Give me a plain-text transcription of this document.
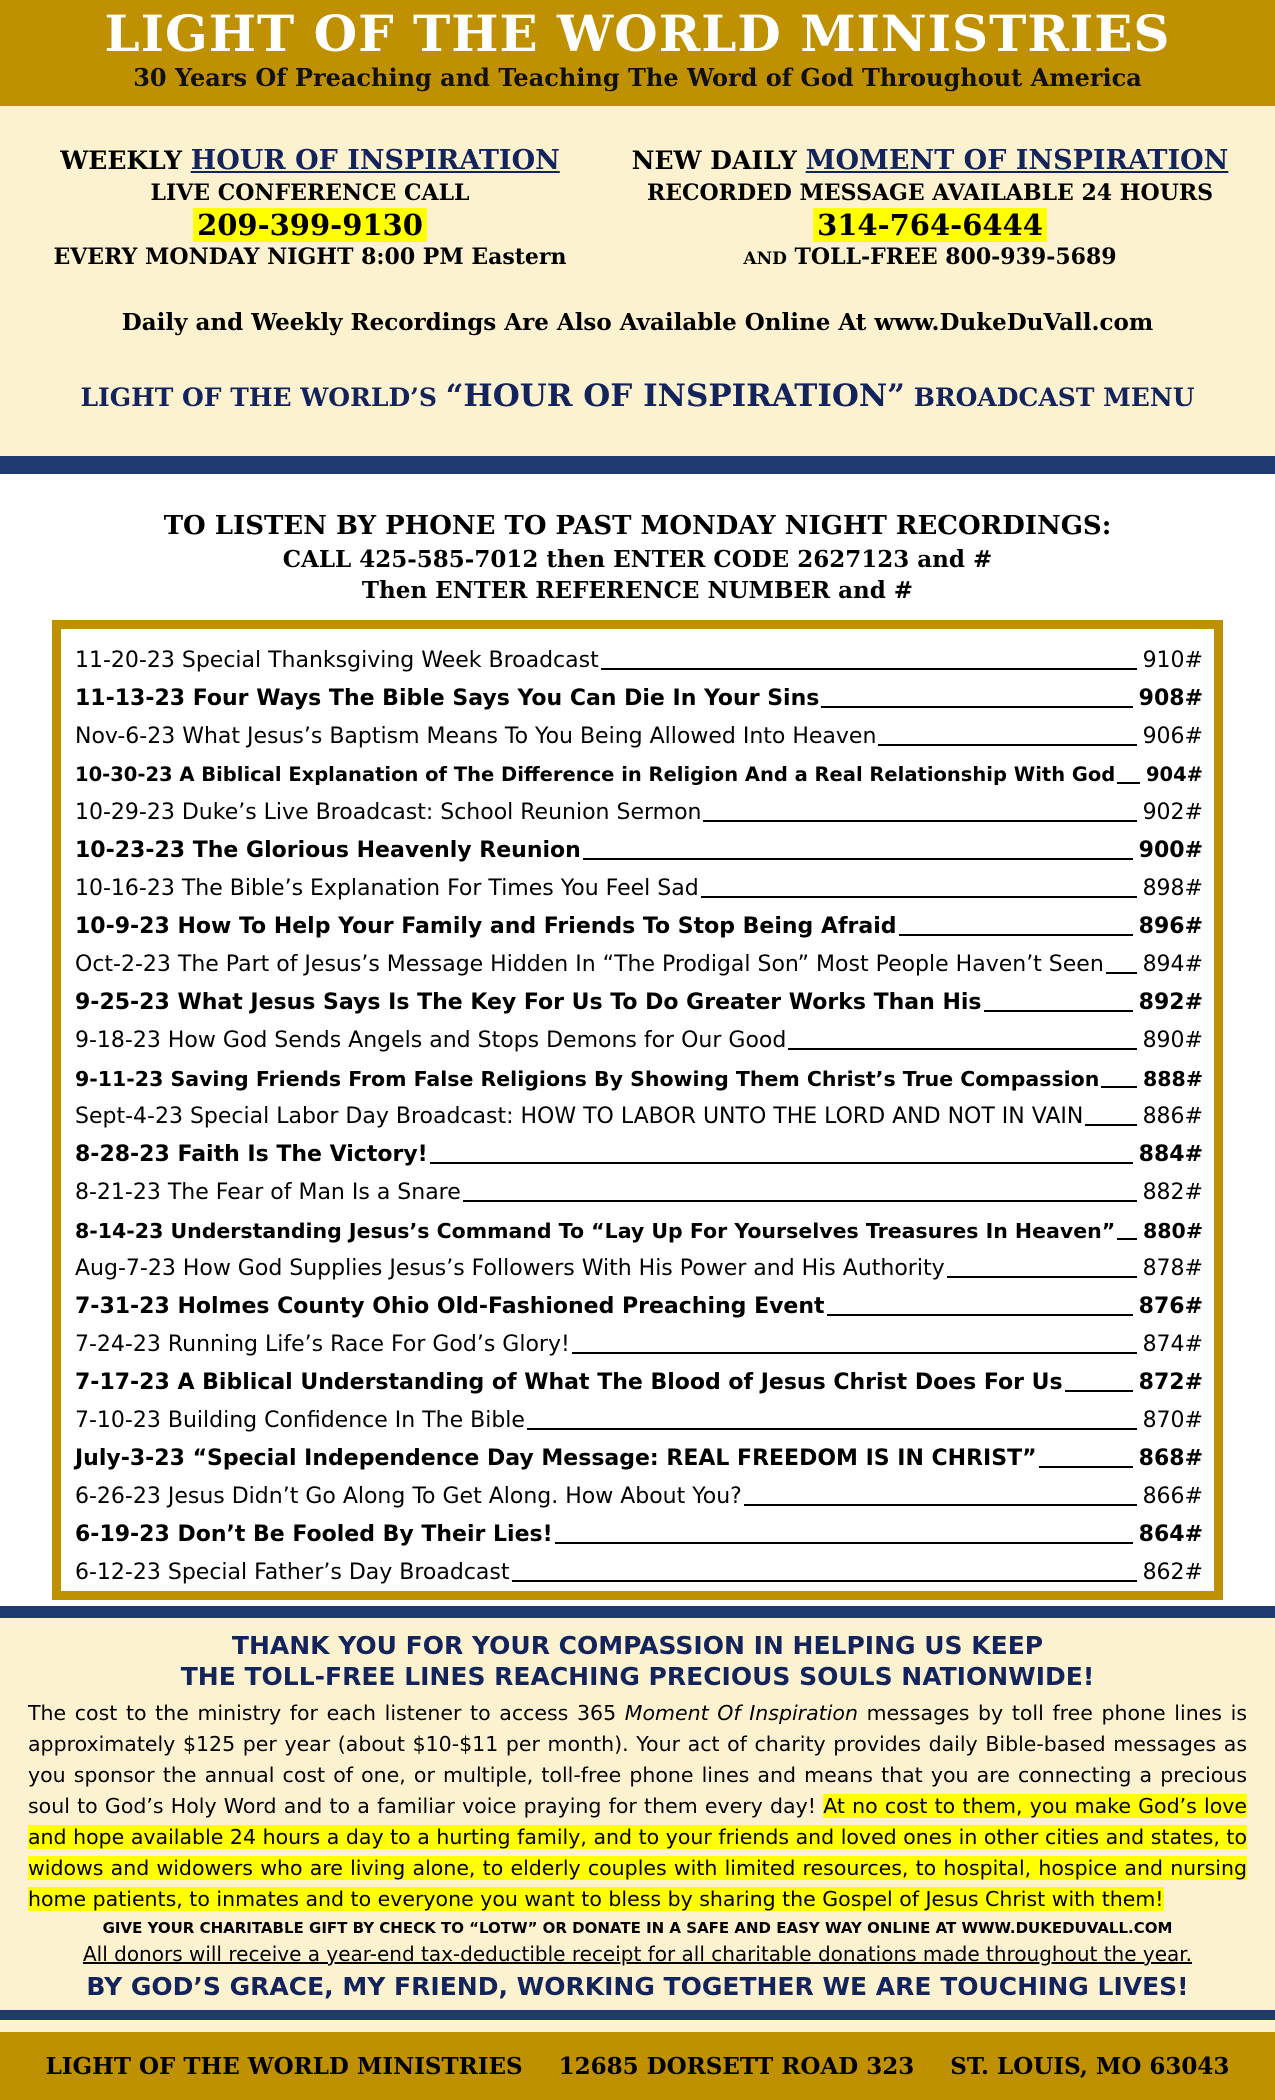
LIGHT OF THE WORLD MINISTRIES
30 Years Of Preaching and Teaching The Word of God Throughout America
WEEKLY HOUR OF INSPIRATION
LIVE CONFERENCE CALL
209-399-9130
EVERY MONDAY NIGHT 8:00 PM Eastern
NEW DAILY MOMENT OF INSPIRATION
RECORDED MESSAGE AVAILABLE 24 HOURS
314-764-6444
AND TOLL-FREE 800-939-5689
Daily and Weekly Recordings Are Also Available Online At www.DukeDuVall.com
LIGHT OF THE WORLD’S “HOUR OF INSPIRATION” BROADCAST MENU
TO LISTEN BY PHONE TO PAST MONDAY NIGHT RECORDINGS:
CALL 425-585-7012 then ENTER CODE 2627123 and #
Then ENTER REFERENCE NUMBER and #
11-20-23 Special Thanksgiving Week Broadcast	910#
11-13-23 Four Ways The Bible Says You Can Die In Your Sins	908#
Nov-6-23 What Jesus’s Baptism Means To You Being Allowed Into Heaven	906#
10-30-23 A Biblical Explanation of The Difference in Religion And a Real Relationship With God 904#
10-29-23 Duke’s Live Broadcast: School Reunion Sermon	902#
10-23-23 The Glorious Heavenly Reunion	900#
10-16-23 The Bible’s Explanation For Times You Feel Sad	898#
10-9-23 How To Help Your Family and Friends To Stop Being Afraid	896#
Oct-2-23 The Part of Jesus’s Message Hidden In “The Prodigal Son” Most People Haven’t Seen 894#
9-25-23 What Jesus Says Is The Key For Us To Do Greater Works Than His	892#
9-18-23 How God Sends Angels and Stops Demons for Our Good	890#
9-11-23 Saving Friends From False Religions By Showing Them Christ’s True Compassion 888#
Sept-4-23 Special Labor Day Broadcast: HOW TO LABOR UNTO THE LORD AND NOT IN VAIN	886#
8-28-23 Faith Is The Victory!	884#
8-21-23 The Fear of Man Is a Snare	882#
8-14-23 Understanding Jesus’s Command To “Lay Up For Yourselves Treasures In Heaven” 880#
Aug-7-23 How God Supplies Jesus’s Followers With His Power and His Authority	878#
7-31-23 Holmes County Ohio Old-Fashioned Preaching Event	876#
7-24-23 Running Life’s Race For God’s Glory!	874#
7-17-23 A Biblical Understanding of What The Blood of Jesus Christ Does For Us	872#
7-10-23 Building Confidence In The Bible	870#
July-3-23 “Special Independence Day Message: REAL FREEDOM IS IN CHRIST”	868#
6-26-23 Jesus Didn’t Go Along To Get Along. How About You?	866#
6-19-23 Don’t Be Fooled By Their Lies!	864#
6-12-23 Special Father’s Day Broadcast	862#
THANK YOU FOR YOUR COMPASSION IN HELPING US KEEP
THE TOLL-FREE LINES REACHING PRECIOUS SOULS NATIONWIDE!
The cost to the ministry for each listener to access 365 Moment Of Inspiration messages by toll free phone lines is approximately $125 per year (about $10-$11 per month). Your act of charity provides daily Bible-based messages as you sponsor the annual cost of one, or multiple, toll-free phone lines and means that you are connecting a precious soul to God’s Holy Word and to a familiar voice praying for them every day! At no cost to them, you make God’s love and hope available 24 hours a day to a hurting family, and to your friends and loved ones in other cities and states, to widows and widowers who are living alone, to elderly couples with limited resources, to hospital, hospice and nursing home patients, to inmates and to everyone you want to bless by sharing the Gospel of Jesus Christ with them!
GIVE YOUR CHARITABLE GIFT BY CHECK TO “LOTW” OR DONATE IN A SAFE AND EASY WAY ONLINE AT WWW.DUKEDUVALL.COM
All donors will receive a year-end tax-deductible receipt for all charitable donations made throughout the year.
BY GOD’S GRACE, MY FRIEND, WORKING TOGETHER WE ARE TOUCHING LIVES!
LIGHT OF THE WORLD MINISTRIES 12685 DORSETT ROAD 323 ST. LOUIS, MO 63043
